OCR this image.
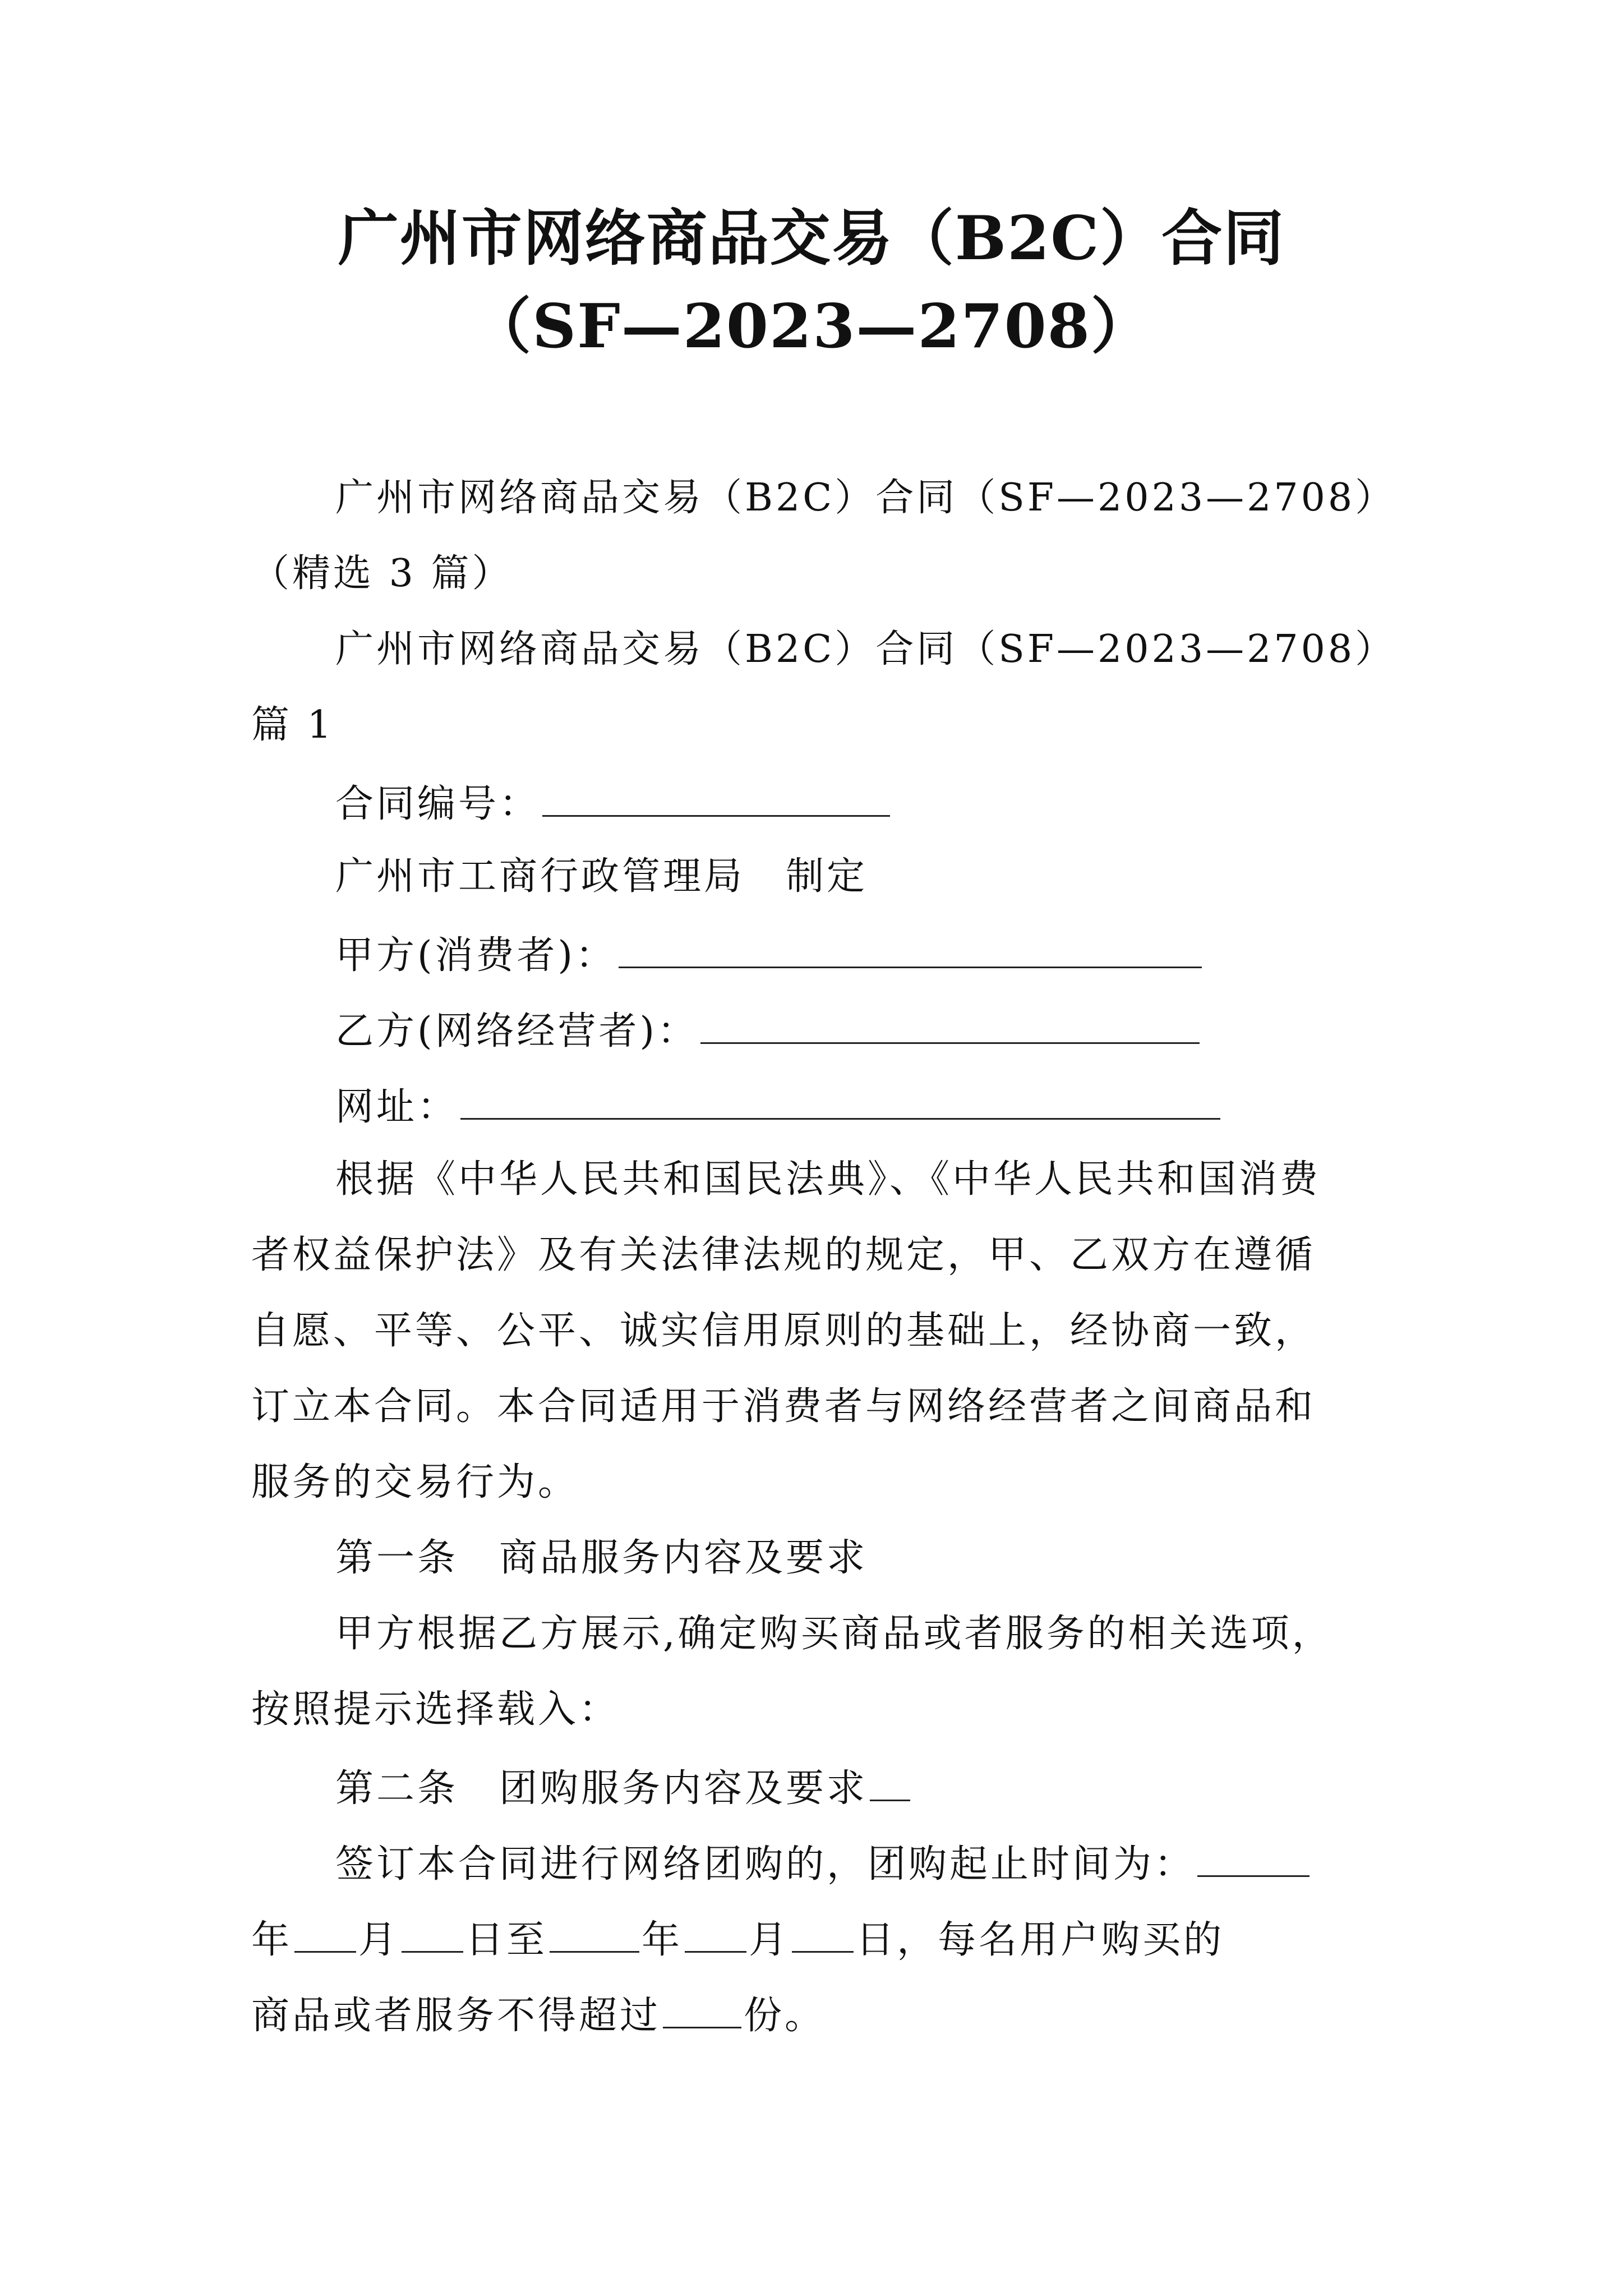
广州市网络商品交易（B2C）合同
（SF—2023—2708）
广州市网络商品交易（B2C）合同（SF—2023—2708）
（精选 3 篇）
广州市网络商品交易（B2C）合同（SF—2023—2708）
篇 1
合同编号：
广州市工商行政管理局　制定
甲方(消费者)：
乙方(网络经营者)：
网址：
根据《中华人民共和国民法典》、《中华人民共和国消费
者权益保护法》及有关法律法规的规定，甲、乙双方在遵循
自愿、平等、公平、诚实信用原则的基础上，经协商一致，
订立本合同。本合同适用于消费者与网络经营者之间商品和
服务的交易行为。
第一条　商品服务内容及要求
甲方根据乙方展示,确定购买商品或者服务的相关选项，
按照提示选择载入：
第二条　团购服务内容及要求
签订本合同进行网络团购的，团购起止时间为：
年 月 日至 年 月 日，每名用户购买的
商品或者服务不得超过 份。
